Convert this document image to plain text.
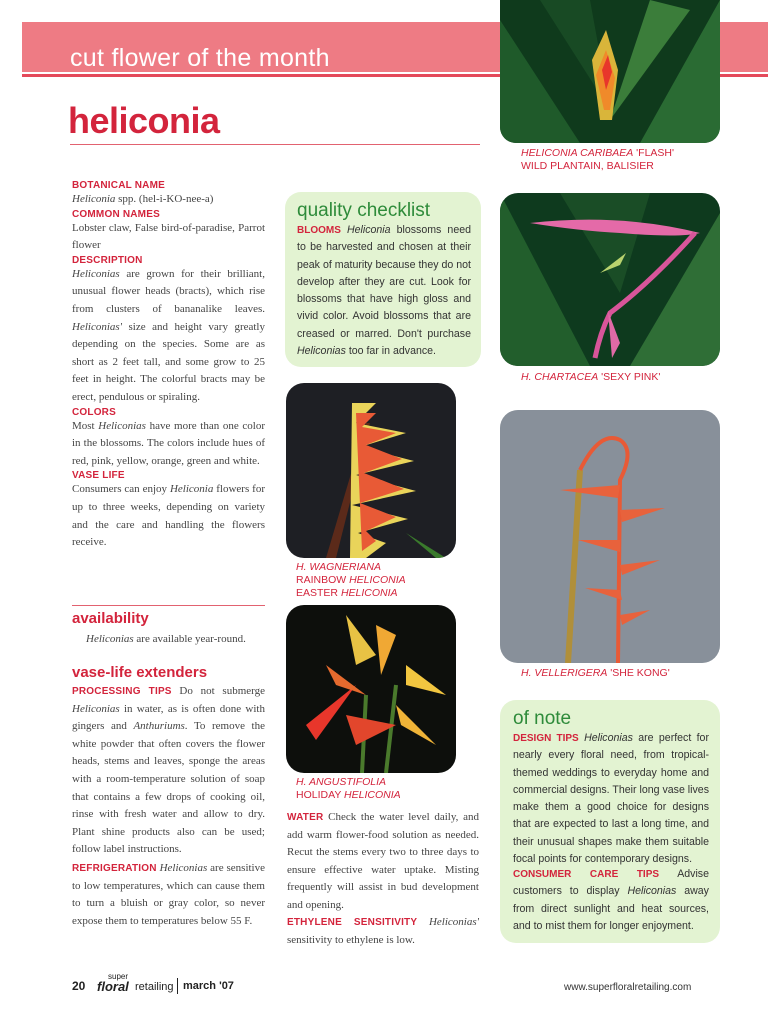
cut flower of the month
heliconia
HELICONIA CARIBAEA 'FLASH'
WILD PLANTAIN, BALISIER
H. CHARTACEA 'SEXY PINK'
H. VELLERIGERA 'SHE KONG'
H. WAGNERIANA
RAINBOW HELICONIA
EASTER HELICONIA
H. ANGUSTIFOLIA
HOLIDAY HELICONIA
BOTANICAL NAME
Heliconia spp. (hel-i-KO-nee-a)
COMMON NAMES
Lobster claw, False bird-of-paradise, Parrot flower
DESCRIPTION
Heliconias are grown for their brilliant, unusual flower heads (bracts), which rise from clusters of bananalike leaves. Heliconias' size and height vary greatly depending on the species. Some are as short as 2 feet tall, and some grow to 25 feet in height. The colorful bracts may be erect, pendulous or spiraling.
COLORS
Most Heliconias have more than one color in the blossoms. The colors include hues of red, pink, yellow, orange, green and white.
VASE LIFE
Consumers can enjoy Heliconia flowers for up to three weeks, depending on variety and the care and handling the flowers receive.
availability
Heliconias are available year-round.
vase-life extenders
PROCESSING TIPS Do not submerge Heliconias in water, as is often done with gingers and Anthuriums. To remove the white powder that often covers the flower heads, stems and leaves, sponge the areas with a room-temperature solution of soap that contains a few drops of cooking oil, rinse with fresh water and allow to dry. Plant shine products also can be used; follow label instructions.
REFRIGERATION Heliconias are sensitive to low temperatures, which can cause them to turn a bluish or gray color, so never expose them to temperatures below 55 F.
quality checklist
BLOOMS Heliconia blossoms need to be harvested and chosen at their peak of maturity because they do not develop after they are cut. Look for blossoms that have high gloss and vivid color. Avoid blossoms that are creased or marred. Don't purchase Heliconias too far in advance.
WATER Check the water level daily, and add warm flower-food solution as needed. Recut the stems every two to three days to ensure effective water uptake. Misting frequently will assist in bud development and opening.
ETHYLENE SENSITIVITY Heliconias' sensitivity to ethylene is low.
of note
DESIGN TIPS Heliconias are perfect for nearly every floral need, from tropical-themed weddings to everyday home and commercial designs. Their long vase lives make them a good choice for designs that are expected to last a long time, and their unusual shapes make them suitable focal points for contemporary designs.
CONSUMER CARE TIPS Advise customers to display Heliconias away from direct sunlight and heat sources, and to mist them for longer enjoyment.
20
super
floral retailing march '07	www.superfloralretailing.com
